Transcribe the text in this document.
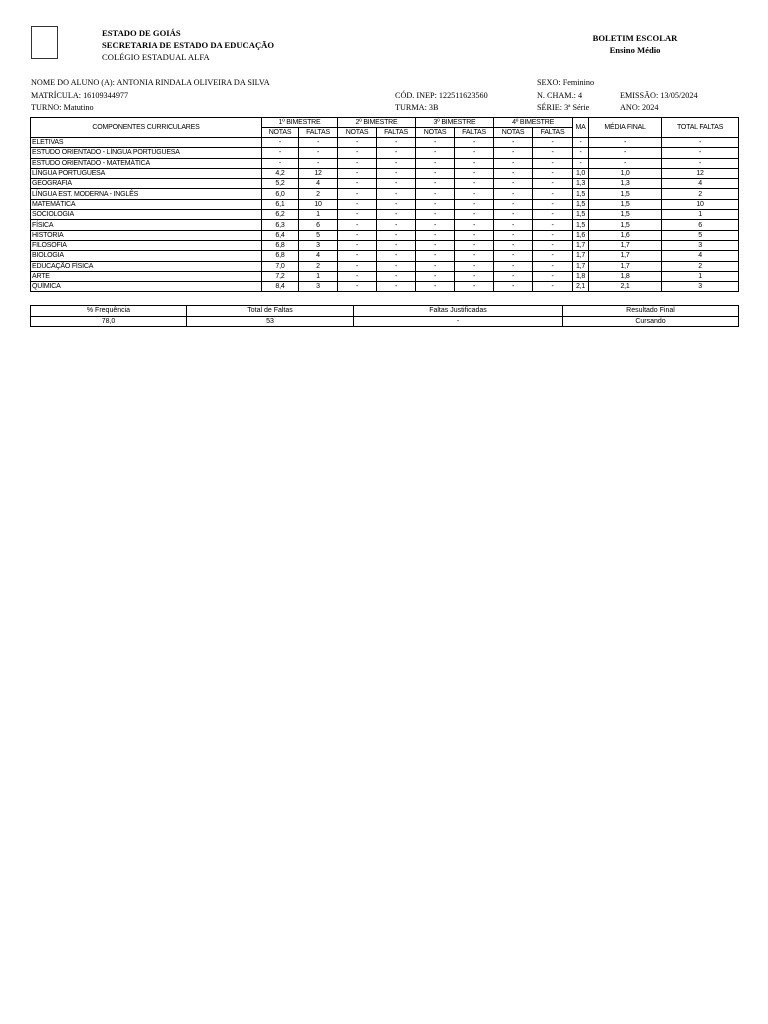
ESTADO DE GOIÁS
SECRETARIA DE ESTADO DA EDUCAÇÃO
COLÉGIO ESTADUAL ALFA
BOLETIM ESCOLAR
Ensino Médio
NOME DO ALUNO (A): ANTONIA RINDALA OLIVEIRA DA SILVA	SEXO: Feminino
MATRÍCULA: 16109344977	CÓD. INEP: 122511623560	N. CHAM.: 4	EMISSÃO: 13/05/2024
TURNO: Matutino	TURMA: 3B	SÉRIE: 3ª Série	ANO: 2024
COMPONENTES CURRICULARES	1º BIMESTRE		2º BIMESTRE		3º BIMESTRE		4º BIMESTRE		MA	MÉDIA FINAL	TOTAL FALTAS
	NOTAS	FALTAS	NOTAS	FALTAS	NOTAS	FALTAS	NOTAS	FALTAS			
ELETIVAS	-	-	-	-	-	-	-	-	-	-	-
ESTUDO ORIENTADO - LÍNGUA PORTUGUESA	-	-	-	-	-	-	-	-	-	-	-
ESTUDO ORIENTADO - MATEMÁTICA	-	-	-	-	-	-	-	-	-	-	-
LÍNGUA PORTUGUESA	4,2	12	-	-	-	-	-	-	1,0	1,0	12
GEOGRAFIA	5,2	4	-	-	-	-	-	-	1,3	1,3	4
LÍNGUA EST. MODERNA - INGLÊS	6,0	2	-	-	-	-	-	-	1,5	1,5	2
MATEMÁTICA	6,1	10	-	-	-	-	-	-	1,5	1,5	10
SOCIOLOGIA	6,2	1	-	-	-	-	-	-	1,5	1,5	1
FÍSICA	6,3	6	-	-	-	-	-	-	1,5	1,5	6
HISTÓRIA	6,4	5	-	-	-	-	-	-	1,6	1,6	5
FILOSOFIA	6,8	3	-	-	-	-	-	-	1,7	1,7	3
BIOLOGIA	6,8	4	-	-	-	-	-	-	1,7	1,7	4
EDUCAÇÃO FÍSICA	7,0	2	-	-	-	-	-	-	1,7	1,7	2
ARTE	7,2	1	-	-	-	-	-	-	1,8	1,8	1
QUÍMICA	8,4	3	-	-	-	-	-	-	2,1	2,1	3
% Frequência	Total de Faltas	Faltas Justificadas	Resultado Final
78,0	53	-	Cursando
